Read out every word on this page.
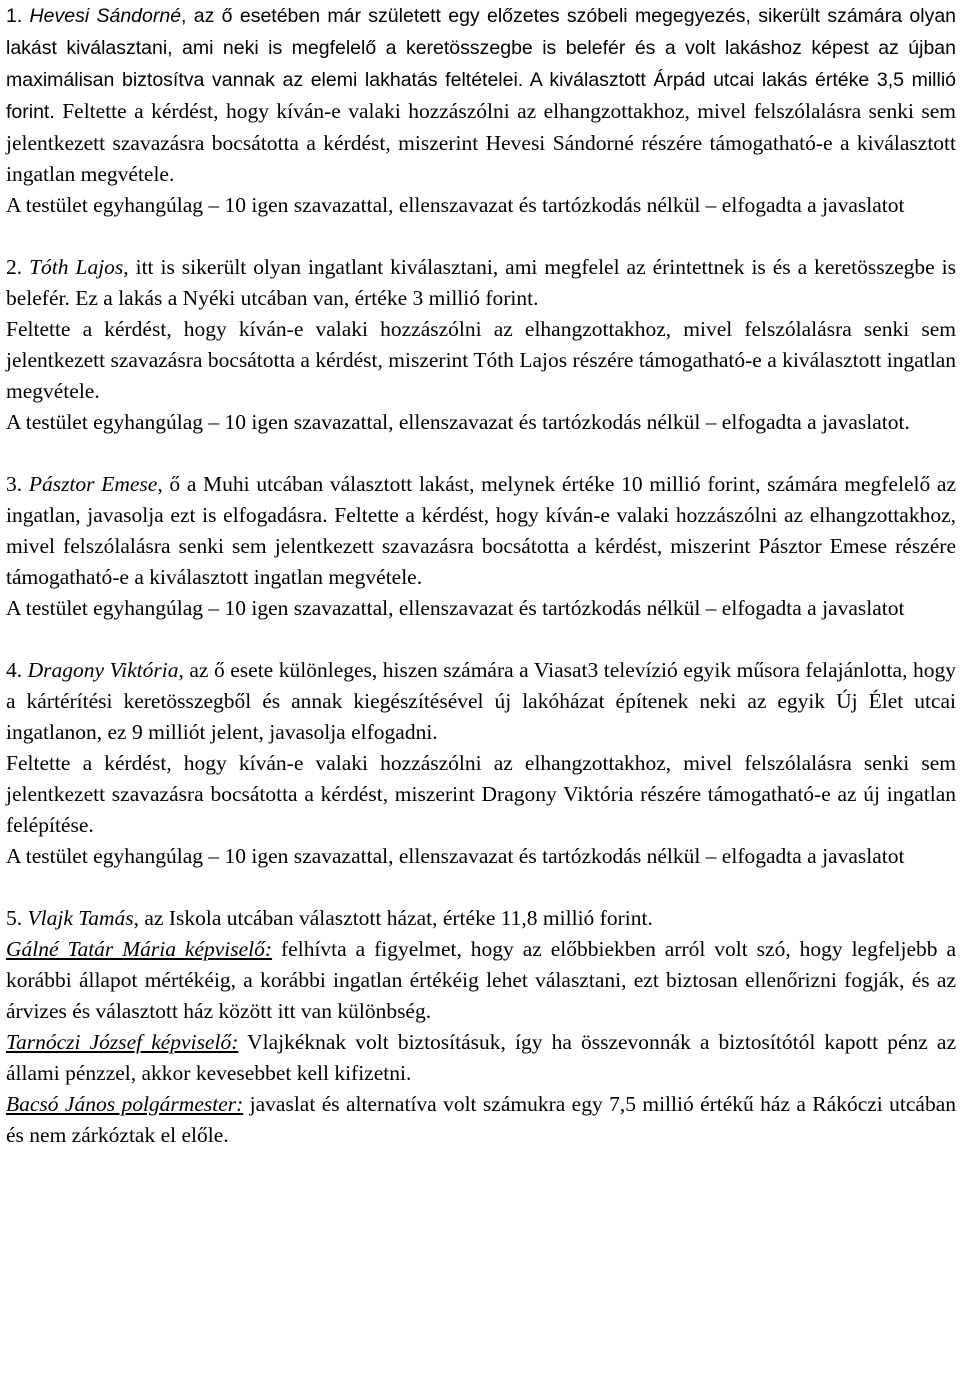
1. Hevesi Sándorné, az ő esetében már született egy előzetes szóbeli megegyezés, sikerült számára olyan lakást kiválasztani, ami neki is megfelelő a keretösszegbe is belefér és a volt lakáshoz képest az újban maximálisan biztosítva vannak az elemi lakhatás feltételei. A kiválasztott Árpád utcai lakás értéke 3,5 millió forint. Feltette a kérdést, hogy kíván-e valaki hozzászólni az elhangzottakhoz, mivel felszólalásra senki sem jelentkezett szavazásra bocsátotta a kérdést, miszerint Hevesi Sándorné részére támogatható-e a kiválasztott ingatlan megvétele.

A testület egyhangúlag – 10 igen szavazattal, ellenszavazat és tartózkodás nélkül – elfogadta a javaslatot

2. Tóth Lajos, itt is sikerült olyan ingatlant kiválasztani, ami megfelel az érintettnek is és a keretösszegbe is belefér. Ez a lakás a Nyéki utcában van, értéke 3 millió forint.

Feltette a kérdést, hogy kíván-e valaki hozzászólni az elhangzottakhoz, mivel felszólalásra senki sem jelentkezett szavazásra bocsátotta a kérdést, miszerint Tóth Lajos részére támogatható-e a kiválasztott ingatlan megvétele.

A testület egyhangúlag – 10 igen szavazattal, ellenszavazat és tartózkodás nélkül – elfogadta a javaslatot.

3. Pásztor Emese, ő a Muhi utcában választott lakást, melynek értéke 10 millió forint, számára megfelelő az ingatlan, javasolja ezt is elfogadásra. Feltette a kérdést, hogy kíván-e valaki hozzászólni az elhangzottakhoz, mivel felszólalásra senki sem jelentkezett szavazásra bocsátotta a kérdést, miszerint Pásztor Emese részére támogatható-e a kiválasztott ingatlan megvétele.

A testület egyhangúlag – 10 igen szavazattal, ellenszavazat és tartózkodás nélkül – elfogadta a javaslatot

4. Dragony Viktória, az ő esete különleges, hiszen számára a Viasat3 televízió egyik műsora felajánlotta, hogy a kártérítési keretösszegből és annak kiegészítésével új lakóházat építenek neki az egyik Új Élet utcai ingatlanon, ez 9 milliót jelent, javasolja elfogadni.

Feltette a kérdést, hogy kíván-e valaki hozzászólni az elhangzottakhoz, mivel felszólalásra senki sem jelentkezett szavazásra bocsátotta a kérdést, miszerint Dragony Viktória részére támogatható-e az új ingatlan felépítése.

A testület egyhangúlag – 10 igen szavazattal, ellenszavazat és tartózkodás nélkül – elfogadta a javaslatot

5. Vlajk Tamás, az Iskola utcában választott házat, értéke 11,8 millió forint.

Gálné Tatár Mária képviselő: felhívta a figyelmet, hogy az előbbiekben arról volt szó, hogy legfeljebb a korábbi állapot mértékéig, a korábbi ingatlan értékéig lehet választani, ezt biztosan ellenőrizni fogják, és az árvizes és választott ház között itt van különbség.

Tarnóczi József képviselő: Vlajkéknak volt biztosításuk, így ha összevonnák a biztosítótól kapott pénz az állami pénzzel, akkor kevesebbet kell kifizetni.

Bacsó János polgármester: javaslat és alternatíva volt számukra egy 7,5 millió értékű ház a Rákóczi utcában és nem zárkóztak el előle.
